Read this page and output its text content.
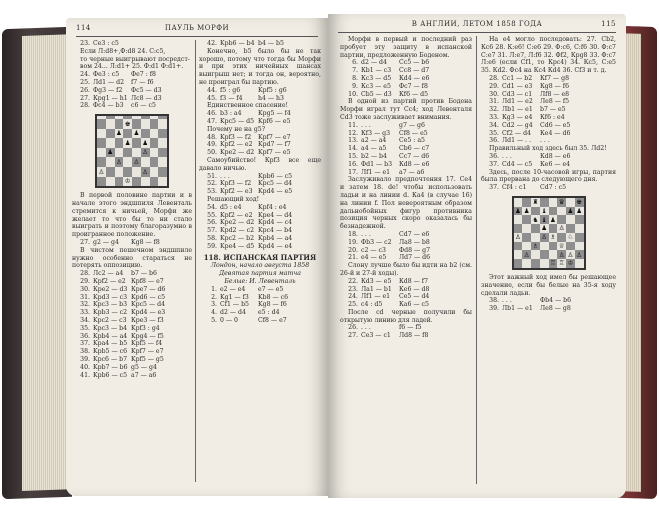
114	ПАУЛЬ МОРФИ
23. Се3 : с5
Если Л:d8+,Ф:d8 24. С:с5,
то черные выигрывают посредст-
вом 24... Л:d1+ 25. Ф:d1 Ф:d1+.
24. Фе3 : с5	Фе7 : f8
25. Лd1 — d2	f7 — f6
26. Фg3 — f2	Фс5 — d3
27. Крg1 — h1 Лс8 — d3
28. Фс4 — b3	с6 — с5
♚
♟ ♟
♟ ♟
♟	♙
♙ ♙
♙	♙
♔
В первой половине партии и в начале этого эндшпиля Левенталь стремится к ничьей, Морфи же желает то что бы то ни стало выиграть и поэтому благоразумно в проигранное положение.
27. g2 — g4	Kg8 — f8
В чистом пешечном эндшпиле нужно особенно стараться не потерять оппозицию.
28. Лс2 — а4	b7 — b6
29. Крf2 — e2 Крf8 — e7
30. Кре2 — d3 Кре7 — d6
31. Kpd3 — c3 Kpd6 — c5
32. Kpc3 — b3 Kpc5 — d4
33. Kpb3 — c2 Kpd4 — e3
34. Kpc2 — c3 Кре3 — f3
35. Kpc3 — b4 Kpf3 : g4
36. Kpb4 — a4 Kpg4 — f5
37. Kpa4 — b5 Kpf5 — f4
38. Kpb5 — c6 Kpf7 — e7
39. Kpc6 — b7 Kpf5 — g5
40. Kpb7 — b6 g5 — g4
41. Kpb6 — c5 a7 — a6
42. Kpb6 — b4 b4 — b5
Конечно, b5 было бы не так хорошо, потому что тогда бы Морфи и при этих ничейных шансах выигрыш нет; и тогда он, вероятно, не проиграл бы партию.
44. f5 : g6	Kpf5 : g6
45. f3 — f4	h4 — h3
Единственное спасение!
46. b3 : a4	Kpg5 — f4
47. Kpc5 — d5 Kpf6 — e5
Почему не на g5?
48. Kpf3 — f2	Kpf7 — e7
49. Kpf2 — e2 Kpd7 — f7
50. Kpe2 — d2 Kpf7 — e5
Самоубийство! Крf3 все еще давало ничью.
51. . . .	Kpb6 — c5
52. Kpf3 — f2	Kpc5 — d4
53. Kpf2 — e3 Kpd4 — e5
Решающий ход!
54. d5 : e4	Kpf4 : e4
55. Kpf2 — e2 Kpe4 — d4
56. Kpe2 — d2 Kpd4 — c4
57. Kpd2 — c2 Kpc4 — b4
58. Kpc2 — b2 Kpb4 — a4
59. Kpe4 — d5 Kpd4 — e4
118. ИСПАНСКАЯ ПАРТИЯ
Лондон, начало августа 1858
Девятая партия матча
Белые: И. Левенталь
1. e2 — e4	e7 — e5
2. Kg1 — f3	Kb8 — c6
3. Cf1 — b5	Kg8 — f6
4. d2 — d4	e5 : d4
5. 0 — 0	Cf8 — e7
В АНГЛИИ, ЛЕТОМ 1858 ГОДА	115
Морфи в первый и последний раз пробует эту защиту в испанской партии, предложенную Боденом.
6. d2 — d4	Сс5 — b6
7. Кb1 — c3	Сс8 — d7
8. Кс3 — d5	Кd4 — e6
9. Кс3 — e5	Фс7 — f8
10. Сb5 — d3	Кf6 — d5
В одной из партий против Бодена Морфи играл тут Сс4; ход Левенталя Сd3 тоже заслуживает внимания.
11. . . .	g7 — g6
12. Кf3 — g3	Сf8 — e5
13. a2 — a4	Сe5 : a5
14. a4 — a5	Сb6 — c7
15. b2 — b4	Сc7 — d6
16. Фd1 — b3	Кd8 — e6
17. Лf1 — e1	a7 — a6
Заслуживало предпочтения 17. Се4 и затем 18. de! чтобы использовать ладьи и на линии d. Кa4 (в случае 16) на линии f. Пол невероятным образом дальнобойных фигур противника позиция черных скоро оказалась бы безнадежной.
18. . . .	Сd7 — e6
19. Фb3 — c2	Лa8 — b8
20. c2 — c3	Фd8 — g7
21. e4 — e5	Лd7 — d6
Слону лучше было бы идти на b2 (см. 26-й и 27-й ходы).
22. Кd3 — e5	Кd8 — f7
23. Лa1 — b1	Кe6 — d8
24. Лf1 — e1	Сe5 — d4
25. c4 : d5	Кa6 — c5
После сd черные получили бы открытую линию для ладей.
26. . . .	f6 — f5
27. Сe3 — c1	Лd8 — f8
На e4 могло последовать: 27. Сb2, Кс6 28. К:e6! С:e6 29. Ф:с6, С:f6 30. Ф:c7 С:e7 31. Л:e7, Л:f6 32. Фf2, Кpg8 33. Ф:c7 Л:e6 (если Сf1, то Кpc4) 34. Кс5, С:e5 35. Кd2. Фс4 на Кc4 Кd4 36. Сf3 и т. д.
28. Сс1 — b2	Кf7 — g8
29. Сd1 — e3	Кg8 — f6
30. Сd3 — c1	Лf8 — e8
31. Лd1 — e2	Лe8 — f5
32. Лb1 — e1	b7 — e5
33. Кg3 — e4	Кf6 : e4
34. Сd2 — g4	Сd6 — e5
35. Сf2 — d4	Кe4 — d6
36. Лd1 — . .	. . .
Правильный ход здесь был 35. Лd2!
36. . . .	Кd8 — e6
37. Сd4 — c5	Кe6 — e4
Здесь, после 10-часовой игры, партия была прервана до следующего дня.
37. Сf4 : c1	Сd7 : c5
♜	♛ ♚
♟ ♟ ♝	♟ ♟
♞ ♝ ♟
♟ ♙
♙	♙ ♗ ♘
♗	♕
♙	♙ ♙ ♙
♖ ♖ ♔
Этот важный ход имел бы решающее значение, если бы белые на 35-я ходу сделали ладьи.
38. . . .	Фb4 — b6
39. Лb1 — e1	Лe8 — g8
